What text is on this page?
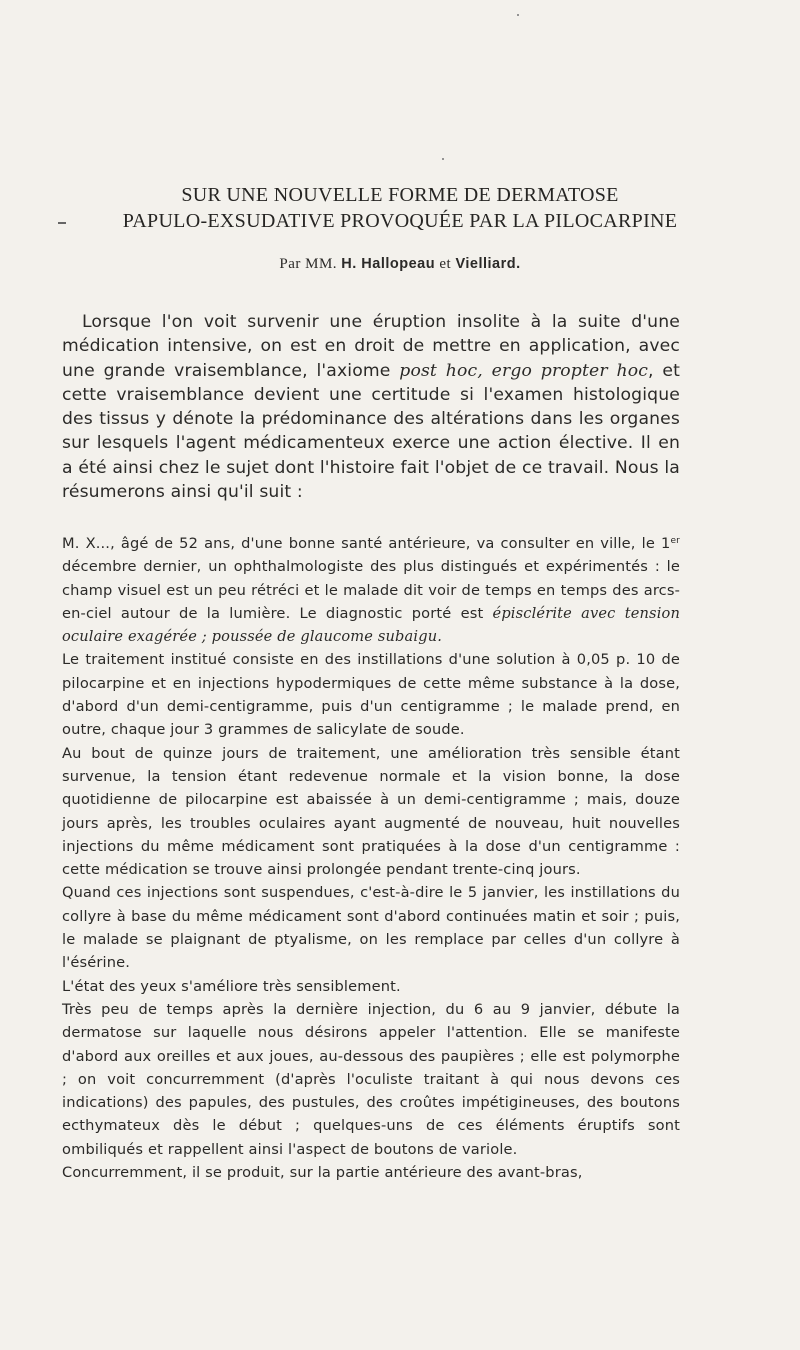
SUR UNE NOUVELLE FORME DE DERMATOSE
PAPULO-EXSUDATIVE PROVOQUÉE PAR LA PILOCARPINE
Par MM. H. Hallopeau et Vielliard.
Lorsque l'on voit survenir une éruption insolite à la suite d'une médication intensive, on est en droit de mettre en application, avec une grande vraisemblance, l'axiome post hoc, ergo propter hoc, et cette vraisemblance devient une certitude si l'examen histologique des tissus y dénote la prédominance des altérations dans les organes sur lesquels l'agent médicamenteux exerce une action élective. Il en a été ainsi chez le sujet dont l'histoire fait l'objet de ce travail. Nous la résumerons ainsi qu'il suit :

M. X..., âgé de 52 ans, d'une bonne santé antérieure, va consulter en ville, le 1er décembre dernier, un ophthalmologiste des plus distingués et expérimentés : le champ visuel est un peu rétréci et le malade dit voir de temps en temps des arcs-en-ciel autour de la lumière. Le diagnostic porté est épisclérite avec tension oculaire exagérée ; poussée de glaucome subaigu.

Le traitement institué consiste en des instillations d'une solution à 0,05 p. 10 de pilocarpine et en injections hypodermiques de cette même substance à la dose, d'abord d'un demi-centigramme, puis d'un centigramme ; le malade prend, en outre, chaque jour 3 grammes de salicylate de soude.

Au bout de quinze jours de traitement, une amélioration très sensible étant survenue, la tension étant redevenue normale et la vision bonne, la dose quotidienne de pilocarpine est abaissée à un demi-centigramme ; mais, douze jours après, les troubles oculaires ayant augmenté de nouveau, huit nouvelles injections du même médicament sont pratiquées à la dose d'un centigramme : cette médication se trouve ainsi prolongée pendant trente-cinq jours.

Quand ces injections sont suspendues, c'est-à-dire le 5 janvier, les instillations du collyre à base du même médicament sont d'abord continuées matin et soir ; puis, le malade se plaignant de ptyalisme, on les remplace par celles d'un collyre à l'ésérine.

L'état des yeux s'améliore très sensiblement.

Très peu de temps après la dernière injection, du 6 au 9 janvier, débute la dermatose sur laquelle nous désirons appeler l'attention. Elle se manifeste d'abord aux oreilles et aux joues, au-dessous des paupières ; elle est polymorphe ; on voit concurremment (d'après l'oculiste traitant à qui nous devons ces indications) des papules, des pustules, des croûtes impétigineuses, des boutons ecthymateux dès le début ; quelques-uns de ces éléments éruptifs sont ombiliqués et rappellent ainsi l'aspect de boutons de variole.

Concurremment, il se produit, sur la partie antérieure des avant-bras,
